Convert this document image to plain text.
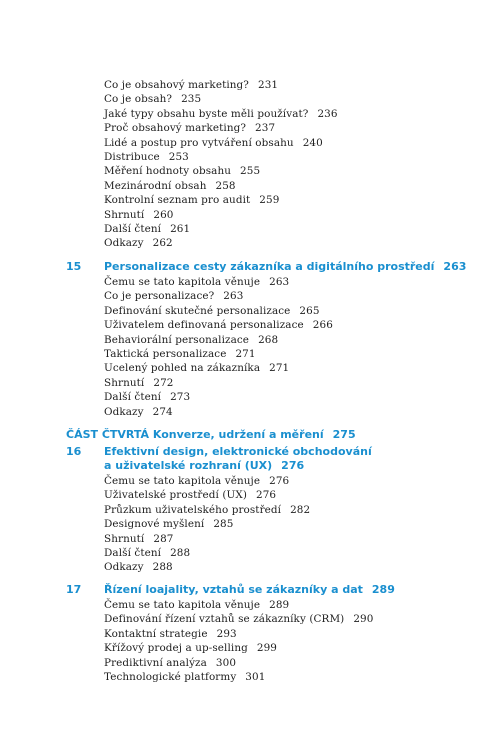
Co je obsahový marketing? 231
Co je obsah? 235
Jaké typy obsahu byste měli používat? 236
Proč obsahový marketing? 237
Lidé a postup pro vytváření obsahu 240
Distribuce 253
Měření hodnoty obsahu 255
Mezinárodní obsah 258
Kontrolní seznam pro audit 259
Shrnutí 260
Další čtení 261
Odkazy 262
15 Personalizace cesty zákazníka a digitálního prostředí 263
Čemu se tato kapitola věnuje 263
Co je personalizace? 263
Definování skutečné personalizace 265
Uživatelem definovaná personalizace 266
Behaviorální personalizace 268
Taktická personalizace 271
Ucelený pohled na zákazníka 271
Shrnutí 272
Další čtení 273
Odkazy 274
ČÁST ČTVRTÁ Konverze, udržení a měření 275
16 Efektivní design, elektronické obchodování
a uživatelské rozhraní (UX) 276
Čemu se tato kapitola věnuje 276
Uživatelské prostředí (UX) 276
Průzkum uživatelského prostředí 282
Designové myšlení 285
Shrnutí 287
Další čtení 288
Odkazy 288
17 Řízení loajality, vztahů se zákazníky a dat 289
Čemu se tato kapitola věnuje 289
Definování řízení vztahů se zákazníky (CRM) 290
Kontaktní strategie 293
Křížový prodej a up-selling 299
Prediktivní analýza 300
Technologické platformy 301
